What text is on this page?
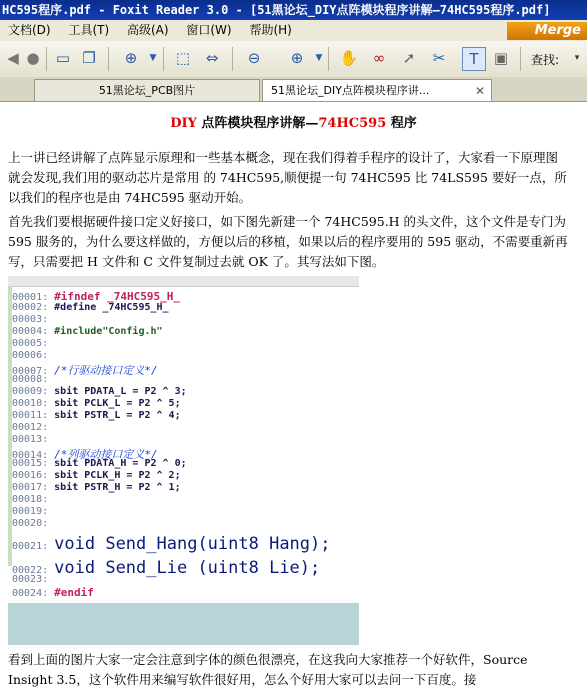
HC595程序.pdf - Foxit Reader 3.0 - [51黑论坛_DIY点阵模块程序讲解—74HC595程序.pdf]
文档(D) 工具(T) 高级(A) 窗口(W) 帮助(H)	Merge
◀ ● ▭ ❐	⊕	▼	⬚	⇔	⊖	⊕	▼	✋ ∞	➚	✂	T	▣	查找:	▾
51黑论坛_PCB图片	51黑论坛_DIY点阵模块程序讲...	✕
DIY 点阵模块程序讲解—74HC595 程序
上一讲已经讲解了点阵显示原理和一些基本概念，现在我们得着手程序的设计了，大家看一下原理图就会发现,我们用的驱动芯片是常用 的 74HC595,顺便提一句 74HC595 比 74LS595 要好一点，所以我们的程序也是由 74HC595 驱动开始。
首先我们要根据硬件接口定义好接口，如下图先新建一个 74HC595.H 的头文件，这个文件是专门为 595 服务的，为什么要这样做的，方便以后的移植，如果以后的程序要用的 595 驱动，不需要重新再写，只需要把 H 文件和 C 文件复制过去就 OK 了。其写法如下图。
00001: #ifndef _74HC595_H_
00002: #define _74HC595_H_
00003:
00004: #include"Config.h"
00005:
00006:
00007: /*行驱动接口定义*/
00008:
00009: sbit PDATA_L = P2 ^ 3;
00010: sbit PCLK_L = P2 ^ 5;
00011: sbit PSTR_L = P2 ^ 4;
00012:
00013:
00014: /*列驱动接口定义*/
00015: sbit PDATA_H = P2 ^ 0;
00016: sbit PCLK_H = P2 ^ 2;
00017: sbit PSTR_H = P2 ^ 1;
00018:
00019:
00020:
00021: void Send_Hang(uint8 Hang);
00022: void Send_Lie (uint8 Lie);
00023:
00024: #endif
看到上面的图片大家一定会注意到字体的颜色很漂亮，在这我向大家推荐一个好软件，Source Insight 3.5，这个软件用来编写软件很好用，怎么个好用大家可以去问一下百度。接
